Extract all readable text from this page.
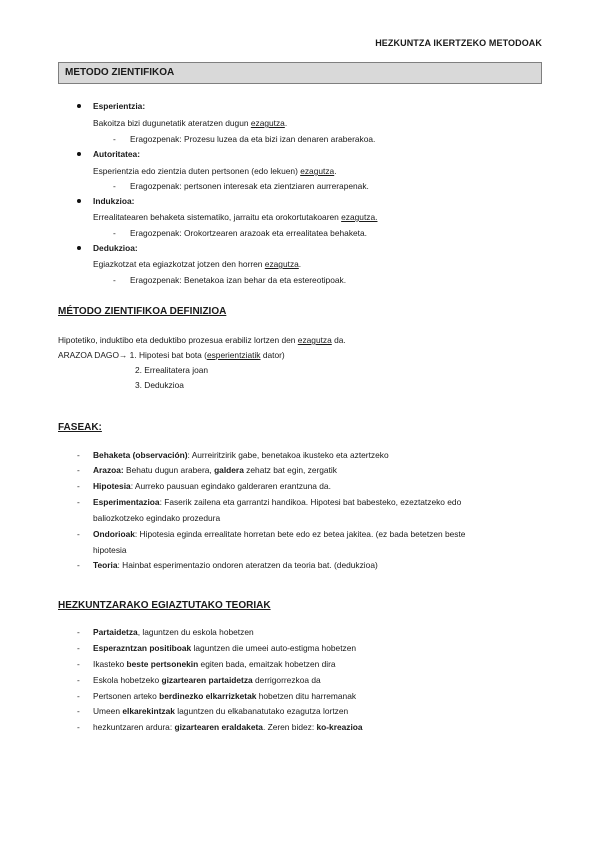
HEZKUNTZA IKERTZEKO METODOAK
METODO ZIENTIFIKOA
Esperientzia:
Bakoitza bizi dugunetatik ateratzen dugun ezagutza.
- Eragozpenak: Prozesu luzea da eta bizi izan denaren araberakoa.
Autoritatea:
Esperientzia edo zientzia duten pertsonen (edo lekuen) ezagutza.
- Eragozpenak: pertsonen interesak eta zientziaren aurrerapenak.
Indukzioa:
Errealitatearen behaketa sistematiko, jarraitu eta orokortutakoaren ezagutza.
- Eragozpenak: Orokortzearen arazoak eta errealitatea behaketa.
Dedukzioa:
Egiazkotzat eta egiazkotzat jotzen den horren ezagutza.
- Eragozpenak: Benetakoa izan behar da eta estereotipoak.
MÉTODO ZIENTIFIKOA DEFINIZIOA
Hipotetiko, induktibo eta deduktibo prozesua erabiliz lortzen den ezagutza da.
ARAZOA DAGO→ 1. Hipotesi bat bota (esperientziatik dator)
2. Errealitatera joan
3. Dedukzioa
FASEAK:
- Behaketa (observación): Aurreiritzirik gabe, benetakoa ikusteko eta aztertzeko
- Arazoa: Behatu dugun arabera, galdera zehatz bat egin, zergatik
- Hipotesia: Aurreko pausuan egindako galderaren erantzuna da.
- Esperimentazioa: Faserik zailena eta garrantzi handikoa. Hipotesi bat babesteko, ezeztatzeko edo
baliozkotzeko egindako prozedura
- Ondorioak: Hipotesia eginda errealitate horretan bete edo ez betea jakitea. (ez bada betetzen beste
hipotesia
- Teoria: Hainbat esperimentazio ondoren ateratzen da teoria bat. (dedukzioa)
HEZKUNTZARAKO EGIAZTUTAKO TEORIAK
- Partaidetza, laguntzen du eskola hobetzen
- Esperazntzan positiboak laguntzen die umeei auto-estigma hobetzen
- Ikasteko beste pertsonekin egiten bada, emaitzak hobetzen dira
- Eskola hobetzeko gizartearen partaidetza derrigorrezkoa da
- Pertsonen arteko berdinezko elkarrizketak hobetzen ditu harremanak
- Umeen elkarekintzak laguntzen du elkabanatutako ezagutza lortzen
- hezkuntzaren ardura: gizartearen eraldaketa. Zeren bidez: ko-kreazioa
